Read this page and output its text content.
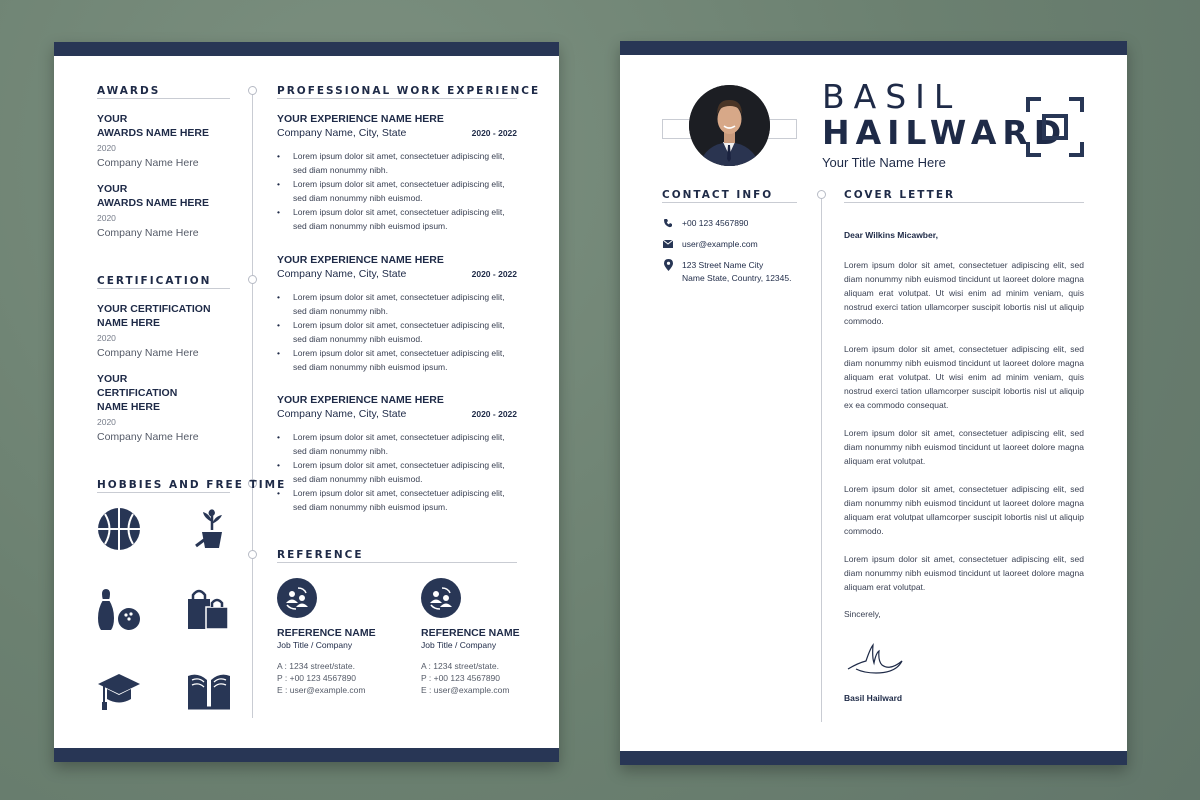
AWARDS
YOUR
AWARDS NAME HERE
2020
Company Name Here
YOUR
AWARDS NAME HERE
2020
Company Name Here
CERTIFICATION
YOUR CERTIFICATION
NAME HERE
2020
Company Name Here
YOUR
CERTIFICATION
NAME HERE
2020
Company Name Here
HOBBIES AND FREE TIME
PROFESSIONAL WORK EXPERIENCE
YOUR EXPERIENCE NAME HERE
Company Name, City, State	2020 - 2022
• Lorem ipsum dolor sit amet, consectetuer adipiscing elit, sed diam nonummy nibh.
• Lorem ipsum dolor sit amet, consectetuer adipiscing elit, sed diam nonummy nibh euismod.
• Lorem ipsum dolor sit amet, consectetuer adipiscing elit, sed diam nonummy nibh euismod ipsum.
YOUR EXPERIENCE NAME HERE
Company Name, City, State	2020 - 2022
• Lorem ipsum dolor sit amet, consectetuer adipiscing elit, sed diam nonummy nibh.
• Lorem ipsum dolor sit amet, consectetuer adipiscing elit, sed diam nonummy nibh euismod.
• Lorem ipsum dolor sit amet, consectetuer adipiscing elit, sed diam nonummy nibh euismod ipsum.
YOUR EXPERIENCE NAME HERE
Company Name, City, State	2020 - 2022
• Lorem ipsum dolor sit amet, consectetuer adipiscing elit, sed diam nonummy nibh.
• Lorem ipsum dolor sit amet, consectetuer adipiscing elit, sed diam nonummy nibh euismod.
• Lorem ipsum dolor sit amet, consectetuer adipiscing elit, sed diam nonummy nibh euismod ipsum.
REFERENCE
REFERENCE NAME
Job Title / Company
A : 1234 street/state.
P : +00 123 4567890
E : user@example.com
REFERENCE NAME
Job Title / Company
A : 1234 street/state.
P : +00 123 4567890
E : user@example.com
BASIL
HAILWARD
Your Title Name Here
CONTACT INFO
+00 123 4567890
user@example.com
123 Street Name City
Name State, Country, 12345.
COVER LETTER
Dear Wilkins Micawber,

Lorem ipsum dolor sit amet, consectetuer adipiscing elit, sed diam nonummy nibh euismod tincidunt ut laoreet dolore magna aliquam erat volutpat. Ut wisi enim ad minim veniam, quis nostrud exerci tation ullamcorper suscipit lobortis nisl ut aliquip commodo.

Lorem ipsum dolor sit amet, consectetuer adipiscing elit, sed diam nonummy nibh euismod tincidunt ut laoreet dolore magna aliquam erat volutpat. Ut wisi enim ad minim veniam, quis nostrud exerci tation ullamcorper suscipit lobortis nisl ut aliquip ex ea commodo consequat.

Lorem ipsum dolor sit amet, consectetuer adipiscing elit, sed diam nonummy nibh euismod tincidunt ut laoreet dolore magna aliquam erat volutpat.

Lorem ipsum dolor sit amet, consectetuer adipiscing elit, sed diam nonummy nibh euismod tincidunt ut laoreet dolore magna aliquam erat volutpat ullamcorper suscipit lobortis nisl ut aliquip commodo.

Lorem ipsum dolor sit amet, consectetuer adipiscing elit, sed diam nonummy nibh euismod tincidunt ut laoreet dolore magna aliquam erat volutpat.

Sincerely,
Basil Hailward
